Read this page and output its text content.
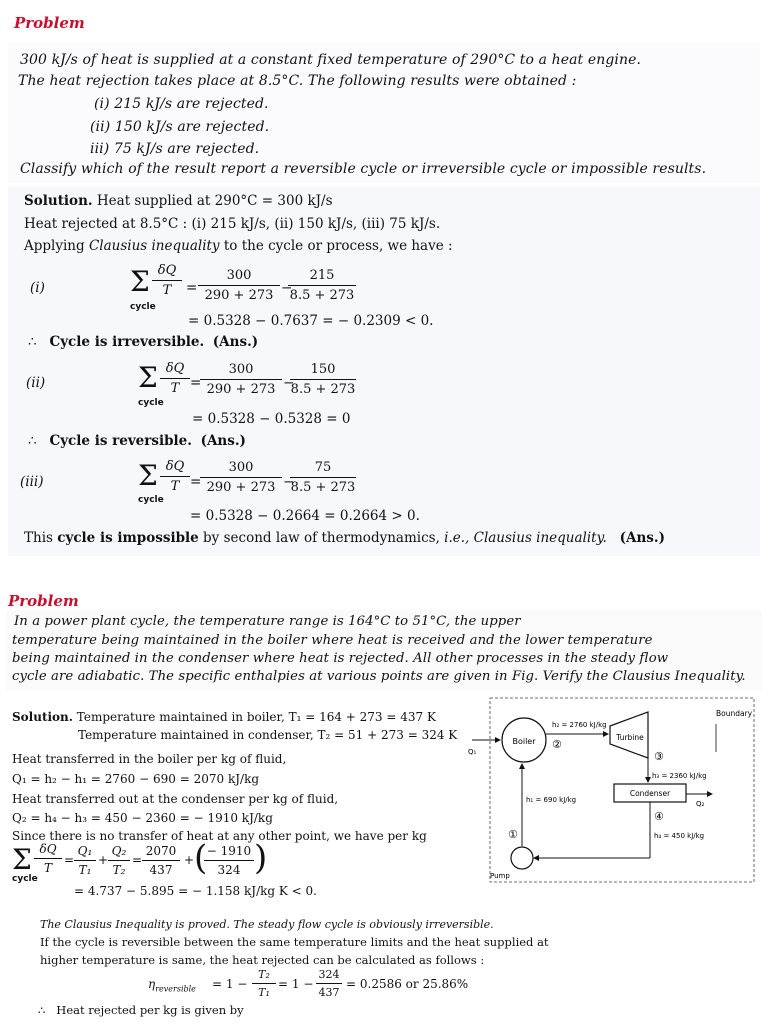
Problem
300 kJ/s of heat is supplied at a constant fixed temperature of 290°C to a heat engine.
The heat rejection takes place at 8.5°C. The following results were obtained :
(i) 215 kJ/s are rejected.
(ii) 150 kJ/s are rejected.
iii) 75 kJ/s are rejected.
Classify which of the result report a reversible cycle or irreversible cycle or impossible results.
Solution. Heat supplied at 290°C = 300 kJ/s
Heat rejected at 8.5°C : (i) 215 kJ/s, (ii) 150 kJ/s, (iii) 75 kJ/s.
Applying Clausius inequality to the cycle or process, we have :
(i)	Σ $\frac{\delta Q}{T}$
cycle
= $\frac{300}{290 + 273}$ −
$\frac{215}{8.5 + 273}$
= 0.5328 − 0.7637 = − 0.2309 < 0.
∴ Cycle is irreversible. (Ans.)
(ii)	Σ $\frac{\delta Q}{T}$
cycle
=
$\frac{300}{290 + 273}$ −
$\frac{150}{8.5 + 273}$
= 0.5328 − 0.5328 = 0
∴ Cycle is reversible. (Ans.)
(iii)	Σ $\frac{\delta Q}{T}$
cycle
=
$\frac{300}{290 + 273}$ −
$\frac{75}{8.5 + 273}$
= 0.5328 − 0.2664 = 0.2664 > 0.
This cycle is impossible by second law of thermodynamics, i.e., Clausius inequality. (Ans.)
Problem
In a power plant cycle, the temperature range is 164°C to 51°C, the upper
temperature being maintained in the boiler where heat is received and the lower temperature
being maintained in the condenser where heat is rejected. All other processes in the steady flow
cycle are adiabatic. The specific enthalpies at various points are given in Fig. Verify the Clausius Inequality.
Solution. Temperature maintained in boiler, T₁ = 164 + 273 = 437 K
Temperature maintained in condenser, T₂ = 51 + 273 = 324 K
Heat transferred in the boiler per kg of fluid,
Q₁ = h₂ − h₁ = 2760 − 690 = 2070 kJ/kg
Heat transferred out at the condenser per kg of fluid,
Q₂ = h₄ − h₃ = 450 − 2360 = − 1910 kJ/kg
Since there is no transfer of heat at any other point, we have per kg
Σ $\frac{\delta Q}{T}$
cycle
= $\frac{\text{Q₁}}{\text{T₁}} + \frac{\text{Q₂}}{\text{T₂}} = \frac{2070}{437}$ + (
$\frac{- 1910}{324}$ )
= 4.737 − 5.895 = − 1.158 kJ/kg K < 0.
The Clausius Inequality is proved. The steady flow cycle is obviously irreversible.
If the cycle is reversible between the same temperature limits and the heat supplied at
higher temperature is same, the heat rejected can be calculated as follows :
$\eta_{reversible} = 1 - \frac{\text{T₂}}{\text{T₁}} = 1 - \frac{324}{437} = 0.2586$ or 25.86%
∴ Heat rejected per kg is given by
Boiler
Q₁
h₂ = 2760 kJ/kg
②
Turbine
③
h₃ = 2360 kJ/kg
Boundary
Condenser
Q₂
④
h₄ = 450 kJ/kg
Pump
h₁ = 690 kJ/kg
①
